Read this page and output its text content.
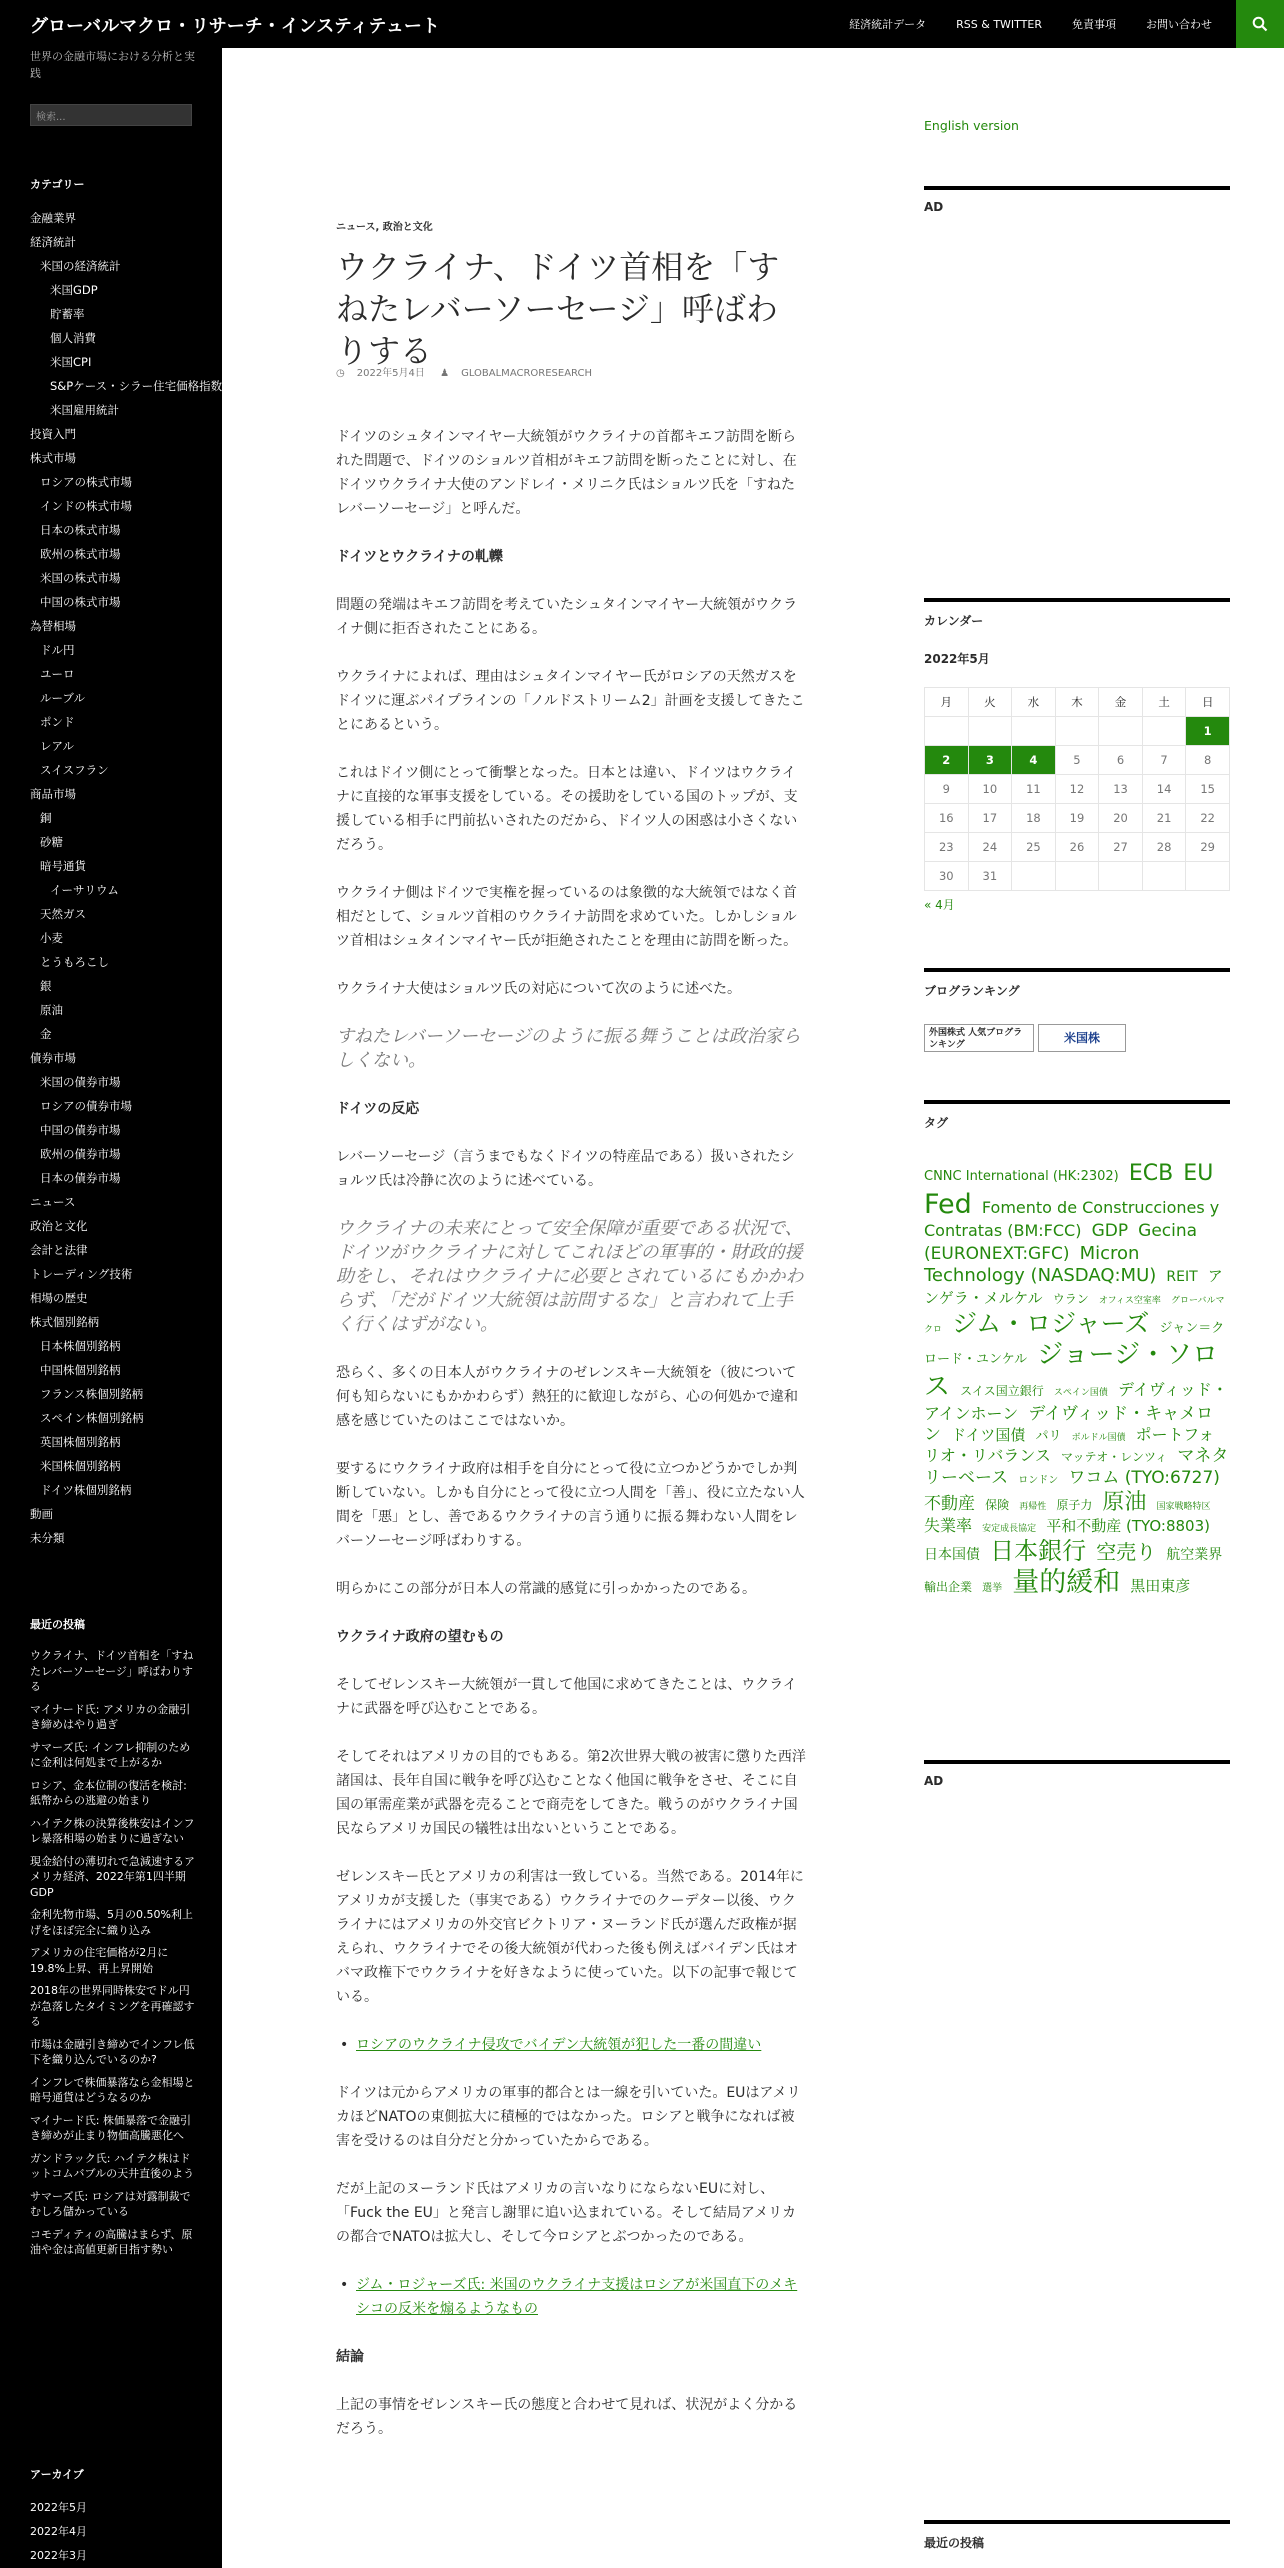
グローバルマクロ・リサーチ・インスティテュート	経済統計データ	RSS & TWITTER	免責事項	お問い合わせ
世界の金融市場における分析と実践
検索...
カテゴリー
金融業界
経済統計
米国の経済統計
米国GDP
貯蓄率
個人消費
米国CPI
S&Pケース・シラー住宅価格指数
米国雇用統計
投資入門
株式市場
ロシアの株式市場
インドの株式市場
日本の株式市場
欧州の株式市場
米国の株式市場
中国の株式市場
為替相場
ドル円
ユーロ
ルーブル
ポンド
レアル
スイスフラン
商品市場
銅
砂糖
暗号通貨
イーサリウム
天然ガス
小麦
とうもろこし
銀
原油
金
債券市場
米国の債券市場
ロシアの債券市場
中国の債券市場
欧州の債券市場
日本の債券市場
ニュース
政治と文化
会計と法律
トレーディング技術
相場の歴史
株式個別銘柄
日本株個別銘柄
中国株個別銘柄
フランス株個別銘柄
スペイン株個別銘柄
英国株個別銘柄
米国株個別銘柄
ドイツ株個別銘柄
動画
未分類
最近の投稿
ウクライナ、ドイツ首相を「すねたレバーソーセージ」呼ばわりする
マイナード氏: アメリカの金融引き締めはやり過ぎ
サマーズ氏: インフレ抑制のために金利は何処まで上がるか
ロシア、金本位制の復活を検討: 紙幣からの逃避の始まり
ハイテク株の決算後株安はインフレ暴落相場の始まりに過ぎない
現金給付の薄切れで急減速するアメリカ経済、2022年第1四半期GDP
金利先物市場、5月の0.50%利上げをほぼ完全に織り込み
アメリカの住宅価格が2月に19.8%上昇、再上昇開始
2018年の世界同時株安でドル円が急落したタイミングを再確認する
市場は金融引き締めでインフレ低下を織り込んでいるのか?
インフレで株価暴落なら金相場と暗号通貨はどうなるのか
マイナード氏: 株価暴落で金融引き締めが止まり物価高騰悪化へ
ガンドラック氏: ハイテク株はドットコムバブルの天井直後のよう
サマーズ氏: ロシアは対露制裁でむしろ儲かっている
コモディティの高騰はまらず、原油や金は高値更新目指す勢い
アーカイブ
2022年5月
2022年4月
2022年3月
ニュース, 政治と文化
ウクライナ、ドイツ首相を「すねたレバーソーセージ」呼ばわりする
◷ 2022年5月4日 ♟ GLOBALMACRORESEARCH
ドイツのシュタインマイヤー大統領がウクライナの首都キエフ訪問を断られた問題で、ドイツのショルツ首相がキエフ訪問を断ったことに対し、在ドイツウクライナ大使のアンドレイ・メリニク氏はショルツ氏を「すねたレバーソーセージ」と呼んだ。
ドイツとウクライナの軋轢
問題の発端はキエフ訪問を考えていたシュタインマイヤー大統領がウクライナ側に拒否されたことにある。
ウクライナによれば、理由はシュタインマイヤー氏がロシアの天然ガスをドイツに運ぶパイプラインの「ノルドストリーム2」計画を支援してきたことにあるという。
これはドイツ側にとって衝撃となった。日本とは違い、ドイツはウクライナに直接的な軍事支援をしている。その援助をしている国のトップが、支援している相手に門前払いされたのだから、ドイツ人の困惑は小さくないだろう。
ウクライナ側はドイツで実権を握っているのは象徴的な大統領ではなく首相だとして、ショルツ首相のウクライナ訪問を求めていた。しかしショルツ首相はシュタインマイヤー氏が拒絶されたことを理由に訪問を断った。
ウクライナ大使はショルツ氏の対応について次のように述べた。
すねたレバーソーセージのように振る舞うことは政治家らしくない。
ドイツの反応
レバーソーセージ（言うまでもなくドイツの特産品である）扱いされたショルツ氏は冷静に次のように述べている。
ウクライナの未来にとって安全保障が重要である状況で、ドイツがウクライナに対してこれほどの軍事的・財政的援助をし、それはウクライナに必要とされているにもかかわらず、「だがドイツ大統領は訪問するな」と言われて上手く行くはずがない。
恐らく、多くの日本人がウクライナのゼレンスキー大統領を（彼について何も知らないにもかかわらず）熱狂的に歓迎しながら、心の何処かで違和感を感じていたのはここではないか。
要するにウクライナ政府は相手を自分にとって役に立つかどうかでしか判断していない。しかも自分にとって役に立つ人間を「善」、役に立たない人間を「悪」とし、善であるウクライナの言う通りに振る舞わない人間をレバーソーセージ呼ばわりする。
明らかにこの部分が日本人の常識的感覚に引っかかったのである。
ウクライナ政府の望むもの
そしてゼレンスキー大統領が一貫して他国に求めてきたことは、ウクライナに武器を呼び込むことである。
そしてそれはアメリカの目的でもある。第2次世界大戦の被害に懲りた西洋諸国は、長年自国に戦争を呼び込むことなく他国に戦争をさせ、そこに自国の軍需産業が武器を売ることで商売をしてきた。戦うのがウクライナ国民ならアメリカ国民の犠牲は出ないということである。
ゼレンスキー氏とアメリカの利害は一致している。当然である。2014年にアメリカが支援した（事実である）ウクライナでのクーデター以後、ウクライナにはアメリカの外交官ビクトリア・ヌーランド氏が選んだ政権が据えられ、ウクライナでその後大統領が代わった後も例えばバイデン氏はオバマ政権下でウクライナを好きなように使っていた。以下の記事で報じている。
• ロシアのウクライナ侵攻でバイデン大統領が犯した一番の間違い
ドイツは元からアメリカの軍事的都合とは一線を引いていた。EUはアメリカほどNATOの東側拡大に積極的ではなかった。ロシアと戦争になれば被害を受けるのは自分だと分かっていたからである。
だが上記のヌーランド氏はアメリカの言いなりにならないEUに対し、「Fuck the EU」と発言し謝罪に追い込まれている。そして結局アメリカの都合でNATOは拡大し、そして今ロシアとぶつかったのである。
• ジム・ロジャーズ氏: 米国のウクライナ支援はロシアが米国直下のメキシコの反米を煽るようなもの
結論
上記の事情をゼレンスキー氏の態度と合わせて見れば、状況がよく分かるだろう。
English version
AD
カレンダー
2022年5月
月	火	水	木	金	土	日
						1
2	3	4	5	6	7	8
9	10	11	12	13	14	15
16	17	18	19	20	21	22
23	24	25	26	27	28	29
30	31					
« 4月
ブログランキング
外国株式 人気ブログランキング	米国株
タグ
CNNC International (HK:2302) ECB EU Fed Fomento de Construcciones y Contratas (BM:FCC) GDP Gecina (EURONEXT:GFC) Micron Technology (NASDAQ:MU) REIT アンゲラ・メルケル ウラン オフィス空室率 グローバルマクロ ジム・ロジャーズ ジャン＝クロード・ユンケル ジョージ・ソロス スイス国立銀行 スペイン国債 デイヴィッド・アインホーン デイヴィッド・キャメロン ドイツ国債 パリ ボルドル国債 ポートフォリオ・リバランス マッテオ・レンツィ マネタリーベース ロンドン ワコム (TYO:6727) 不動産 保険 再帰性 原子力 原油 国家戦略特区 失業率 安定成長協定 平和不動産 (TYO:8803) 日本国債 日本銀行 空売り 航空業界 輸出企業 選挙 量的緩和 黒田東彦
AD
最近の投稿
